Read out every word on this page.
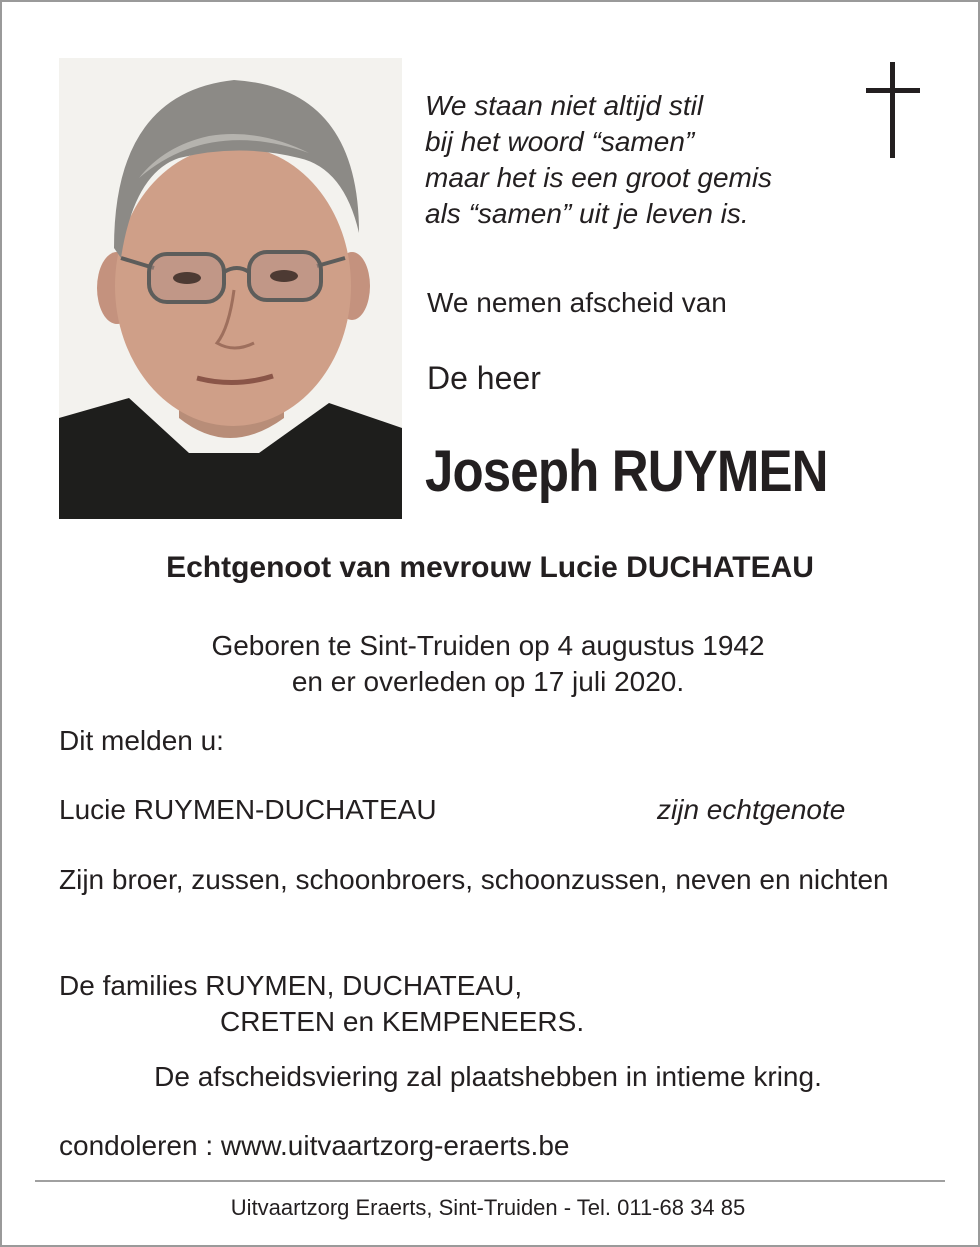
We staan niet altijd stil
bij het woord “samen”
maar het is een groot gemis
als “samen” uit je leven is.
We nemen afscheid van
De heer
Joseph RUYMEN
Echtgenoot van mevrouw Lucie DUCHATEAU
Geboren te Sint-Truiden op 4 augustus 1942
en er overleden op 17 juli 2020.
Dit melden u:
Lucie RUYMEN-DUCHATEAU	zijn echtgenote
Zijn broer, zussen, schoonbroers, schoonzussen, neven en nichten
De families RUYMEN, DUCHATEAU,
CRETEN en KEMPENEERS.
De afscheidsviering zal plaatshebben in intieme kring.
condoleren : www.uitvaartzorg-eraerts.be
Uitvaartzorg Eraerts, Sint-Truiden - Tel. 011-68 34 85
